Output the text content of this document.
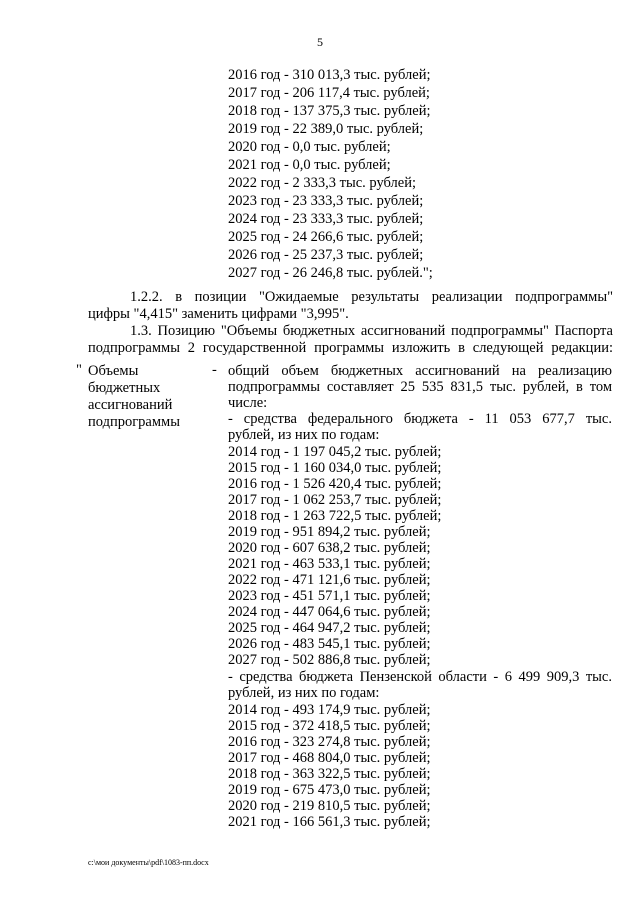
5
2016 год - 310 013,3 тыс. рублей;
2017 год - 206 117,4 тыс. рублей;
2018 год - 137 375,3 тыс. рублей;
2019 год - 22 389,0 тыс. рублей;
2020 год - 0,0 тыс. рублей;
2021 год - 0,0 тыс. рублей;
2022 год - 2 333,3 тыс. рублей;
2023 год - 23 333,3 тыс. рублей;
2024 год - 23 333,3 тыс. рублей;
2025 год - 24 266,6 тыс. рублей;
2026 год - 25 237,3 тыс. рублей;
2027 год - 26 246,8 тыс. рублей.";
1.2.2. в позиции "Ожидаемые результаты реализации подпрограммы"
цифры "4,415" заменить цифрами "3,995".
1.3. Позицию "Объемы бюджетных ассигнований подпрограммы" Паспорта
подпрограммы 2 государственной программы изложить в следующей редакции:
" Объемы
бюджетных
ассигнований
подпрограммы
- общий объем бюджетных ассигнований на реализацию
подпрограммы составляет 25 535 831,5 тыс. рублей, в том
числе:
- средства федерального бюджета - 11 053 677,7 тыс.
рублей, из них по годам:
2014 год - 1 197 045,2 тыс. рублей;
2015 год - 1 160 034,0 тыс. рублей;
2016 год - 1 526 420,4 тыс. рублей;
2017 год - 1 062 253,7 тыс. рублей;
2018 год - 1 263 722,5 тыс. рублей;
2019 год - 951 894,2 тыс. рублей;
2020 год - 607 638,2 тыс. рублей;
2021 год - 463 533,1 тыс. рублей;
2022 год - 471 121,6 тыс. рублей;
2023 год - 451 571,1 тыс. рублей;
2024 год - 447 064,6 тыс. рублей;
2025 год - 464 947,2 тыс. рублей;
2026 год - 483 545,1 тыс. рублей;
2027 год - 502 886,8 тыс. рублей;
- средства бюджета Пензенской области - 6 499 909,3 тыс.
рублей, из них по годам:
2014 год - 493 174,9 тыс. рублей;
2015 год - 372 418,5 тыс. рублей;
2016 год - 323 274,8 тыс. рублей;
2017 год - 468 804,0 тыс. рублей;
2018 год - 363 322,5 тыс. рублей;
2019 год - 675 473,0 тыс. рублей;
2020 год - 219 810,5 тыс. рублей;
2021 год - 166 561,3 тыс. рублей;
c:\мои документы\pdf\1083-пп.docx
